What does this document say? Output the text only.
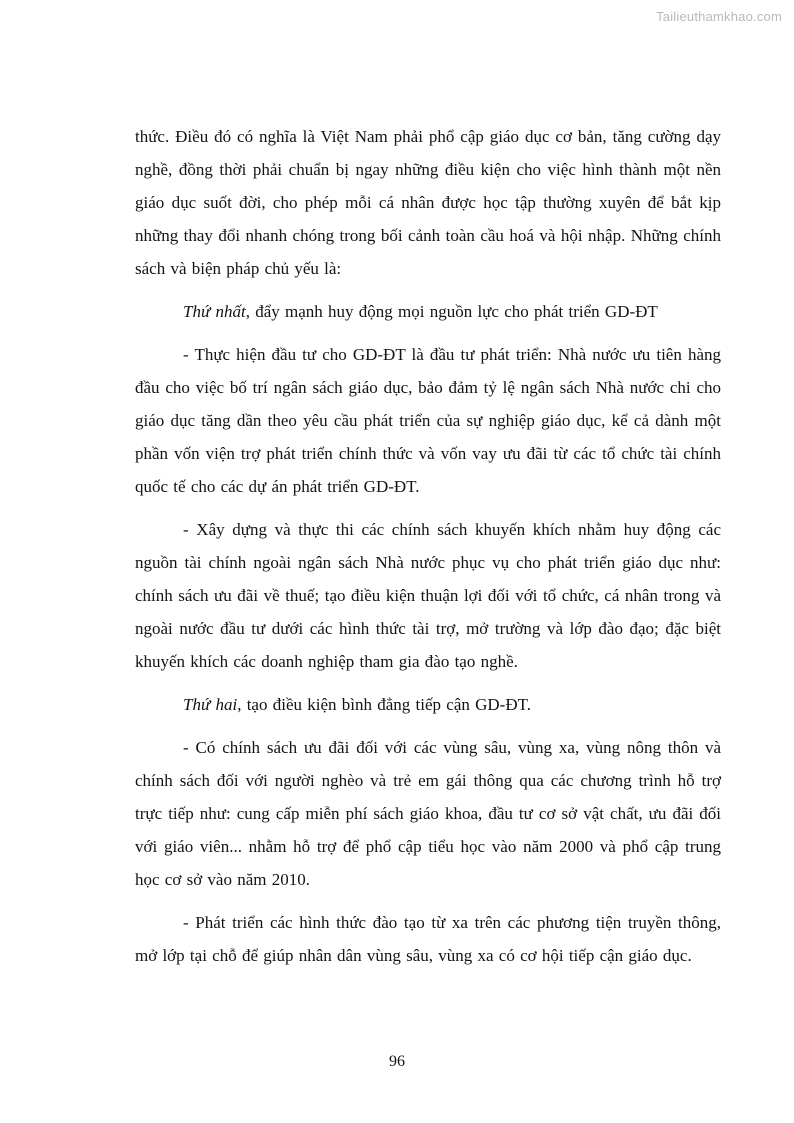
Tailieuthamkhao.com

thức. Điều đó có nghĩa là Việt Nam phải phổ cập giáo dục cơ bản, tăng cường dạy nghề, đồng thời phải chuẩn bị ngay những điều kiện cho việc hình thành một nền giáo dục suốt đời, cho phép mỗi cá nhân được học tập thường xuyên để bắt kịp những thay đổi nhanh chóng trong bối cảnh toàn cầu hoá và hội nhập. Những chính sách và biện pháp chủ yếu là:

Thứ nhất, đẩy mạnh huy động mọi nguồn lực cho phát triển GD-ĐT

- Thực hiện đầu tư cho GD-ĐT là đầu tư phát triển: Nhà nước ưu tiên hàng đầu cho việc bố trí ngân sách giáo dục, bảo đảm tỷ lệ ngân sách Nhà nước chi cho giáo dục tăng dần theo yêu cầu phát triển của sự nghiệp giáo dục, kể cả dành một phần vốn viện trợ phát triển chính thức và vốn vay ưu đãi từ các tổ chức tài chính quốc tế cho các dự án phát triển GD-ĐT.

- Xây dựng và thực thi các chính sách khuyến khích nhằm huy động các nguồn tài chính ngoài ngân sách Nhà nước phục vụ cho phát triển giáo dục như: chính sách ưu đãi về thuế; tạo điều kiện thuận lợi đối với tổ chức, cá nhân trong và ngoài nước đầu tư dưới các hình thức tài trợ, mở trường và lớp đào đạo; đặc biệt khuyến khích các doanh nghiệp tham gia đào tạo nghề.

Thứ hai, tạo điều kiện bình đẳng tiếp cận GD-ĐT.

- Có chính sách ưu đãi đối với các vùng sâu, vùng xa, vùng nông thôn và chính sách đối với người nghèo và trẻ em gái thông qua các chương trình hỗ trợ trực tiếp như: cung cấp miễn phí sách giáo khoa, đầu tư cơ sở vật chất, ưu đãi đối với giáo viên... nhằm hỗ trợ để phổ cập tiểu học vào năm 2000 và phổ cập trung học cơ sở vào năm 2010.

- Phát triển các hình thức đào tạo từ xa trên các phương tiện truyền thông, mở lớp tại chỗ để giúp nhân dân vùng sâu, vùng xa có cơ hội tiếp cận giáo dục.

96
